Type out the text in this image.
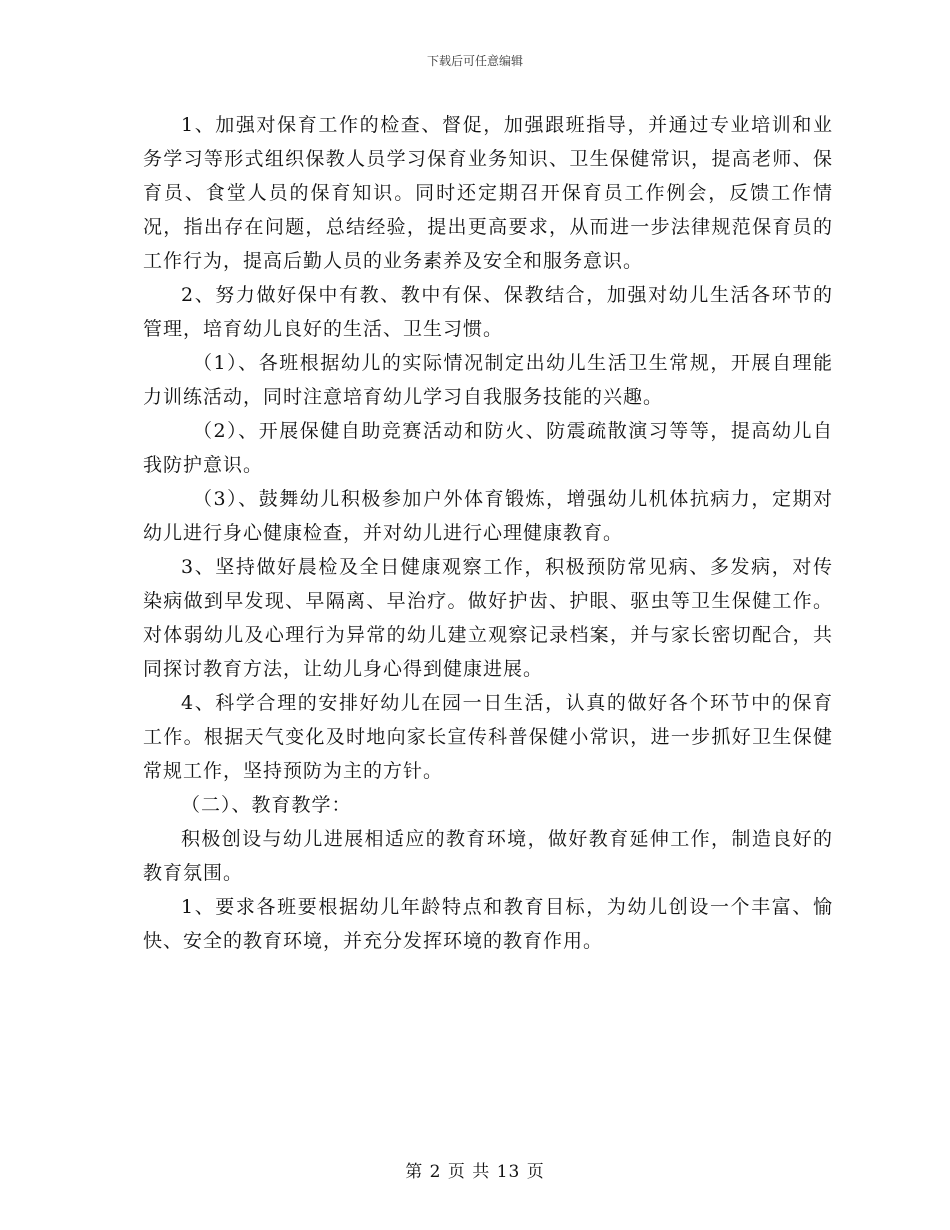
下载后可任意编辑

1、加强对保育工作的检查、督促，加强跟班指导，并通过专业培训和业务学习等形式组织保教人员学习保育业务知识、卫生保健常识，提高老师、保育员、食堂人员的保育知识。同时还定期召开保育员工作例会，反馈工作情况，指出存在问题，总结经验，提出更高要求，从而进一步法律规范保育员的工作行为，提高后勤人员的业务素养及安全和服务意识。

2、努力做好保中有教、教中有保、保教结合，加强对幼儿生活各环节的管理，培育幼儿良好的生活、卫生习惯。

（1）、各班根据幼儿的实际情况制定出幼儿生活卫生常规，开展自理能力训练活动，同时注意培育幼儿学习自我服务技能的兴趣。

（2）、开展保健自助竞赛活动和防火、防震疏散演习等等，提高幼儿自我防护意识。

（3）、鼓舞幼儿积极参加户外体育锻炼，增强幼儿机体抗病力，定期对幼儿进行身心健康检查，并对幼儿进行心理健康教育。

3、坚持做好晨检及全日健康观察工作，积极预防常见病、多发病，对传染病做到早发现、早隔离、早治疗。做好护齿、护眼、驱虫等卫生保健工作。对体弱幼儿及心理行为异常的幼儿建立观察记录档案，并与家长密切配合，共同探讨教育方法，让幼儿身心得到健康进展。

4、科学合理的安排好幼儿在园一日生活，认真的做好各个环节中的保育工作。根据天气变化及时地向家长宣传科普保健小常识，进一步抓好卫生保健常规工作，坚持预防为主的方针。

（二）、教育教学：

积极创设与幼儿进展相适应的教育环境，做好教育延伸工作，制造良好的教育氛围。

1、要求各班要根据幼儿年龄特点和教育目标，为幼儿创设一个丰富、愉快、安全的教育环境，并充分发挥环境的教育作用。

第 2 页 共 13 页
